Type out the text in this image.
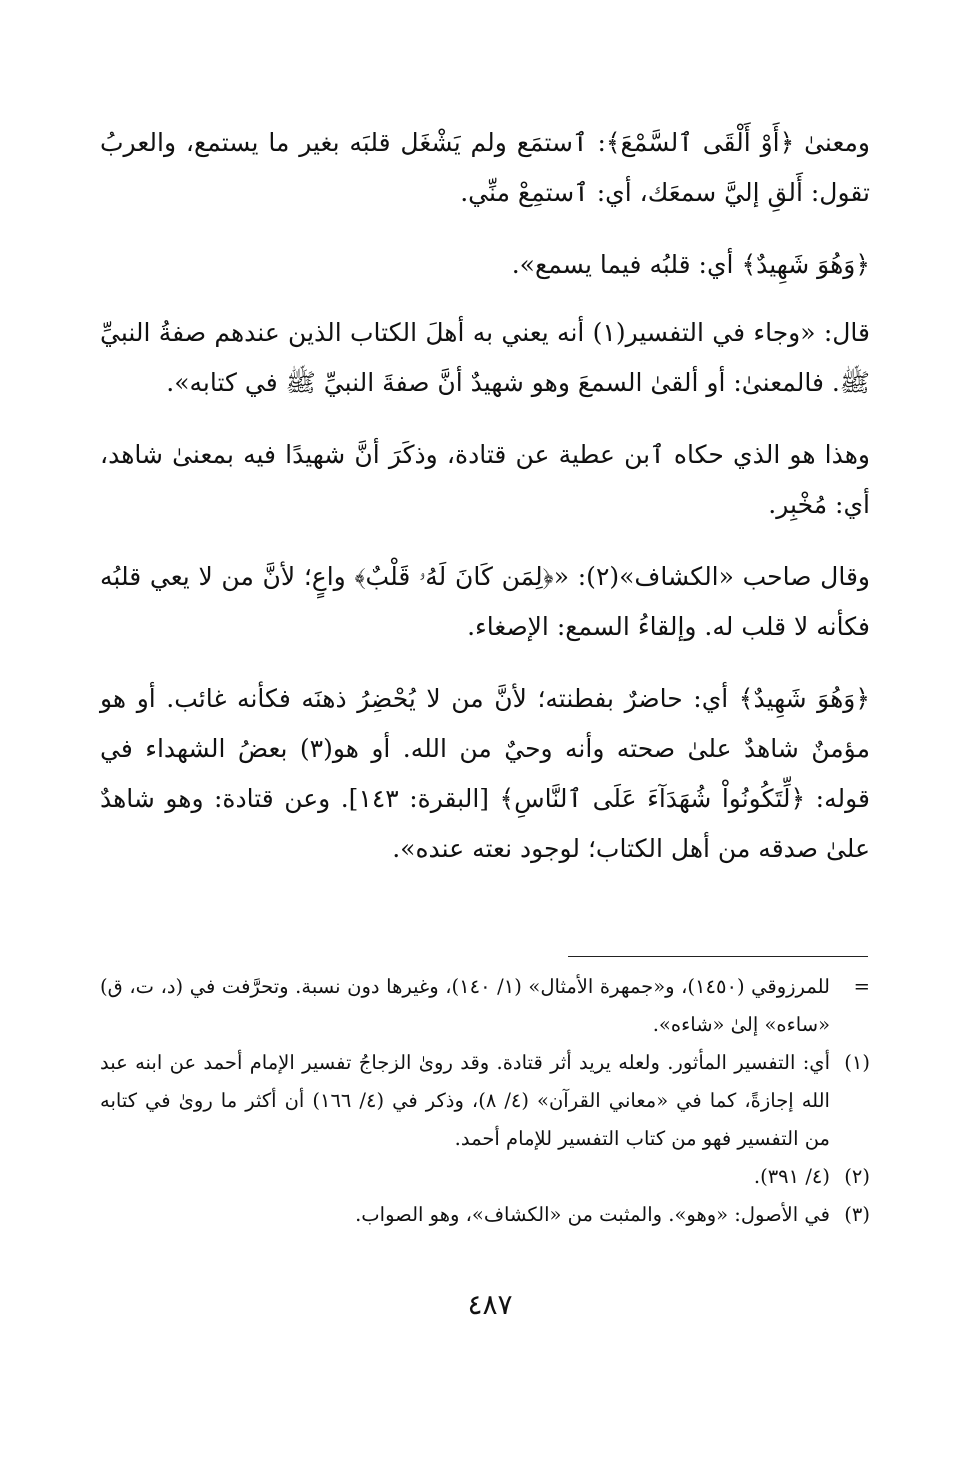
ومعنىٰ ﴿أَوْ أَلْقَى ٱلسَّمْعَ﴾: ٱستمَع ولم يَشْغَل قلبَه بغير ما يستمع، والعربُ تقول: أَلقِ إليَّ سمعَك، أي: ٱستمِعْ منِّي.

﴿وَهُوَ شَهِيدٌ﴾ أي: قلبُه فيما يسمع».

قال: «وجاء في التفسير(١) أنه يعني به أهلَ الكتاب الذين عندهم صفةُ النبيِّ ﷺ. فالمعنىٰ: أو ألقىٰ السمعَ وهو شهيدٌ أنَّ صفةَ النبيِّ ﷺ في كتابه».

وهذا هو الذي حكاه ٱبن عطية عن قتادة، وذكَرَ أنَّ شهيدًا فيه بمعنىٰ شاهد، أي: مُخْبِر.

وقال صاحب «الكشاف»(٢): «﴿لِمَن كَانَ لَهُۥ قَلْبٌ﴾ واعٍ؛ لأنَّ من لا يعي قلبُه فكأنه لا قلب له. وإلقاءُ السمع: الإصغاء.

﴿وَهُوَ شَهِيدٌ﴾ أي: حاضرٌ بفطنته؛ لأنَّ من لا يُحْضِرُ ذهنَه فكأنه غائب. أو هو مؤمنٌ شاهدٌ علىٰ صحته وأنه وحيٌ من الله. أو هو(٣) بعضُ الشهداء في قوله: ﴿لِّتَكُونُواْ شُهَدَآءَ عَلَى ٱلنَّاسِ﴾ [البقرة: ١٤٣]. وعن قتادة: وهو شاهدٌ علىٰ صدقه من أهل الكتاب؛ لوجود نعته عنده».

=
للمرزوقي (١٤٥٠)، و«جمهرة الأمثال» (١/ ١٤٠)، وغيرها دون نسبة. وتحرَّفت في (د، ت، ق) «ساءه» إلىٰ «شاءه».
(١)
أي: التفسير المأثور. ولعله يريد أثر قتادة. وقد روىٰ الزجاجُ تفسير الإمام أحمد عن ابنه عبد الله إجازةً، كما في «معاني القرآن» (٤/ ٨)، وذكر في (٤/ ١٦٦) أن أكثر ما روىٰ في كتابه من التفسير فهو من كتاب التفسير للإمام أحمد.
(٢)
(٤/ ٣٩١).
(٣)
في الأصول: «وهو». والمثبت من «الكشاف»، وهو الصواب.
٤٨٧
